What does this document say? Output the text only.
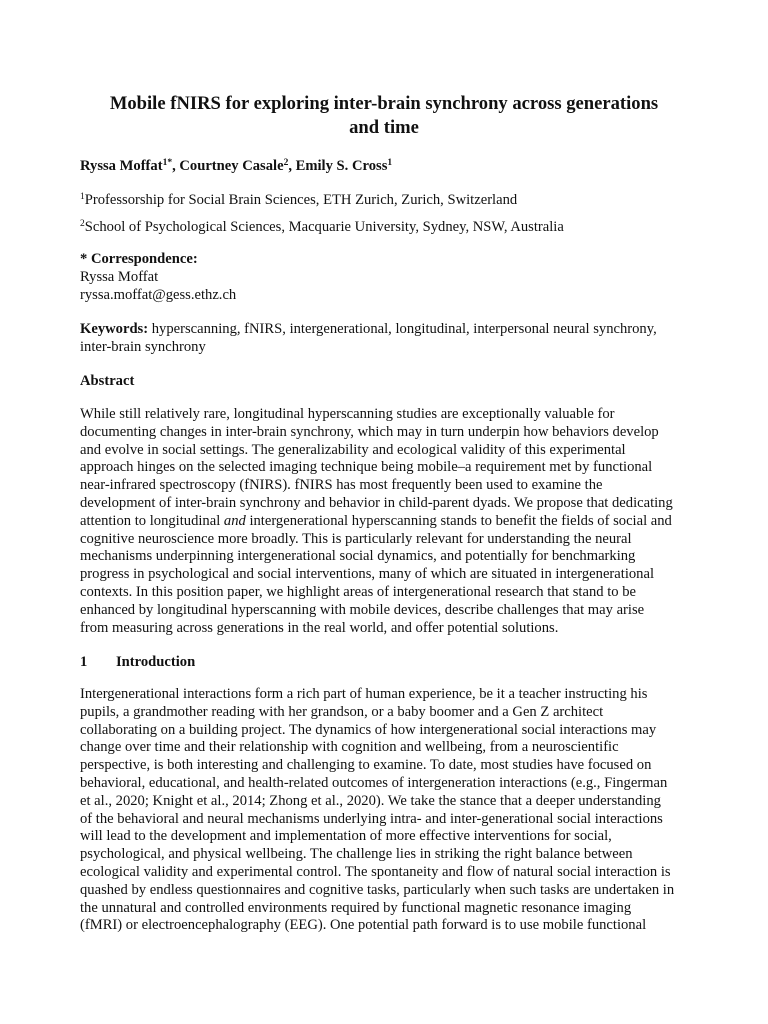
Mobile fNIRS for exploring inter-brain synchrony across generations
and time
Ryssa Moffat$^{1*}$, Courtney Casale$^2$, Emily S. Cross$^1$
$^1$Professorship for Social Brain Sciences, ETH Zurich, Zurich, Switzerland
$^2$School of Psychological Sciences, Macquarie University, Sydney, NSW, Australia
* Correspondence:
Ryssa Moffat
ryssa.moffat@gess.ethz.ch
Keywords: hyperscanning, fNIRS, intergenerational, longitudinal, interpersonal neural synchrony,
inter-brain synchrony
Abstract
While still relatively rare, longitudinal hyperscanning studies are exceptionally valuable for
documenting changes in inter-brain synchrony, which may in turn underpin how behaviors develop
and evolve in social settings. The generalizability and ecological validity of this experimental
approach hinges on the selected imaging technique being mobile–a requirement met by functional
near-infrared spectroscopy (fNIRS). fNIRS has most frequently been used to examine the
development of inter-brain synchrony and behavior in child-parent dyads. We propose that dedicating
attention to longitudinal and intergenerational hyperscanning stands to benefit the fields of social and
cognitive neuroscience more broadly. This is particularly relevant for understanding the neural
mechanisms underpinning intergenerational social dynamics, and potentially for benchmarking
progress in psychological and social interventions, many of which are situated in intergenerational
contexts. In this position paper, we highlight areas of intergenerational research that stand to be
enhanced by longitudinal hyperscanning with mobile devices, describe challenges that may arise
from measuring across generations in the real world, and offer potential solutions.
1 Introduction
Intergenerational interactions form a rich part of human experience, be it a teacher instructing his
pupils, a grandmother reading with her grandson, or a baby boomer and a Gen Z architect
collaborating on a building project. The dynamics of how intergenerational social interactions may
change over time and their relationship with cognition and wellbeing, from a neuroscientific
perspective, is both interesting and challenging to examine. To date, most studies have focused on
behavioral, educational, and health-related outcomes of intergeneration interactions (e.g., Fingerman
et al., 2020; Knight et al., 2014; Zhong et al., 2020). We take the stance that a deeper understanding
of the behavioral and neural mechanisms underlying intra- and inter-generational social interactions
will lead to the development and implementation of more effective interventions for social,
psychological, and physical wellbeing. The challenge lies in striking the right balance between
ecological validity and experimental control. The spontaneity and flow of natural social interaction is
quashed by endless questionnaires and cognitive tasks, particularly when such tasks are undertaken in
the unnatural and controlled environments required by functional magnetic resonance imaging
(fMRI) or electroencephalography (EEG). One potential path forward is to use mobile functional
